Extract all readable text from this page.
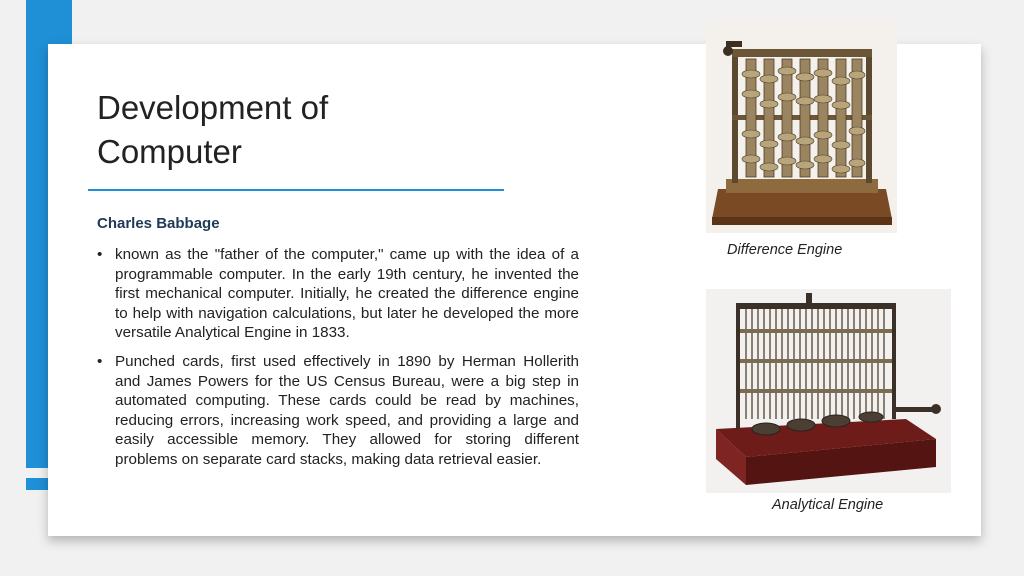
Development of
Computer
Charles Babbage
• known as the "father of the computer," came up with the idea of a programmable computer. In the early 19th century, he invented the first mechanical computer. Initially, he created the difference engine to help with navigation calculations, but later he developed the more versatile Analytical Engine in 1833.
• Punched cards, first used effectively in 1890 by Herman Hollerith and James Powers for the US Census Bureau, were a big step in automated computing. These cards could be read by machines, reducing errors, increasing work speed, and providing a large and easily accessible memory. They allowed for storing different problems on separate card stacks, making data retrieval easier.
Difference Engine
Analytical Engine
